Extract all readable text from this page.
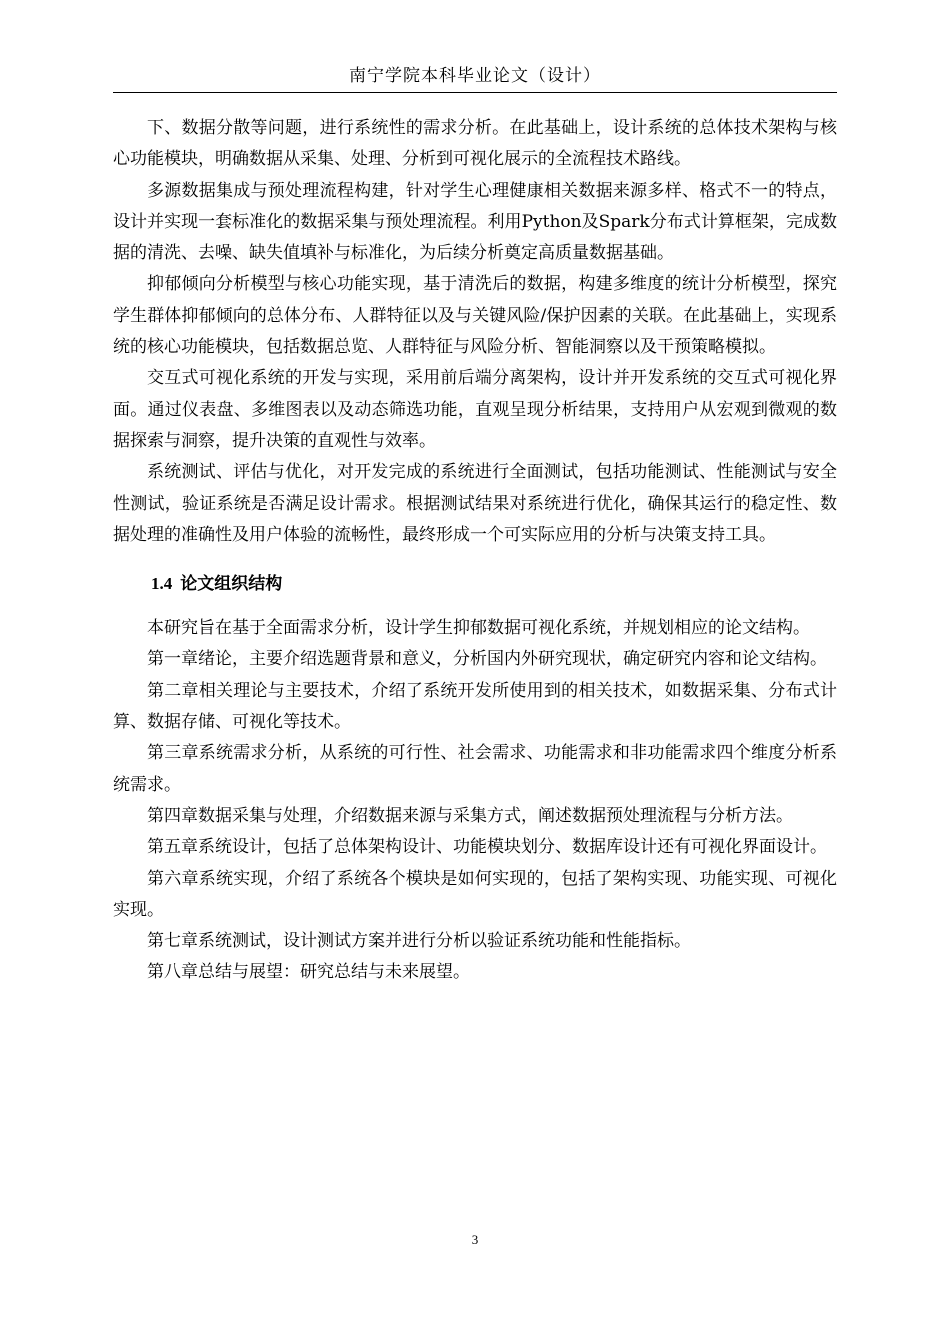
南宁学院本科毕业论文（设计）

下、数据分散等问题，进行系统性的需求分析。在此基础上，设计系统的总体技术架构与核心功能模块，明确数据从采集、处理、分析到可视化展示的全流程技术路线。

多源数据集成与预处理流程构建，针对学生心理健康相关数据来源多样、格式不一的特点，设计并实现一套标准化的数据采集与预处理流程。利用Python及Spark分布式计算框架，完成数据的清洗、去噪、缺失值填补与标准化，为后续分析奠定高质量数据基础。

抑郁倾向分析模型与核心功能实现，基于清洗后的数据，构建多维度的统计分析模型，探究学生群体抑郁倾向的总体分布、人群特征以及与关键风险/保护因素的关联。在此基础上，实现系统的核心功能模块，包括数据总览、人群特征与风险分析、智能洞察以及干预策略模拟。

交互式可视化系统的开发与实现，采用前后端分离架构，设计并开发系统的交互式可视化界面。通过仪表盘、多维图表以及动态筛选功能，直观呈现分析结果，支持用户从宏观到微观的数据探索与洞察，提升决策的直观性与效率。

系统测试、评估与优化，对开发完成的系统进行全面测试，包括功能测试、性能测试与安全性测试，验证系统是否满足设计需求。根据测试结果对系统进行优化，确保其运行的稳定性、数据处理的准确性及用户体验的流畅性，最终形成一个可实际应用的分析与决策支持工具。

1.4 论文组织结构

本研究旨在基于全面需求分析，设计学生抑郁数据可视化系统，并规划相应的论文结构。

第一章绪论，主要介绍选题背景和意义，分析国内外研究现状，确定研究内容和论文结构。

第二章相关理论与主要技术，介绍了系统开发所使用到的相关技术，如数据采集、分布式计算、数据存储、可视化等技术。

第三章系统需求分析，从系统的可行性、社会需求、功能需求和非功能需求四个维度分析系统需求。

第四章数据采集与处理，介绍数据来源与采集方式，阐述数据预处理流程与分析方法。

第五章系统设计，包括了总体架构设计、功能模块划分、数据库设计还有可视化界面设计。

第六章系统实现，介绍了系统各个模块是如何实现的，包括了架构实现、功能实现、可视化实现。

第七章系统测试，设计测试方案并进行分析以验证系统功能和性能指标。

第八章总结与展望：研究总结与未来展望。

3
